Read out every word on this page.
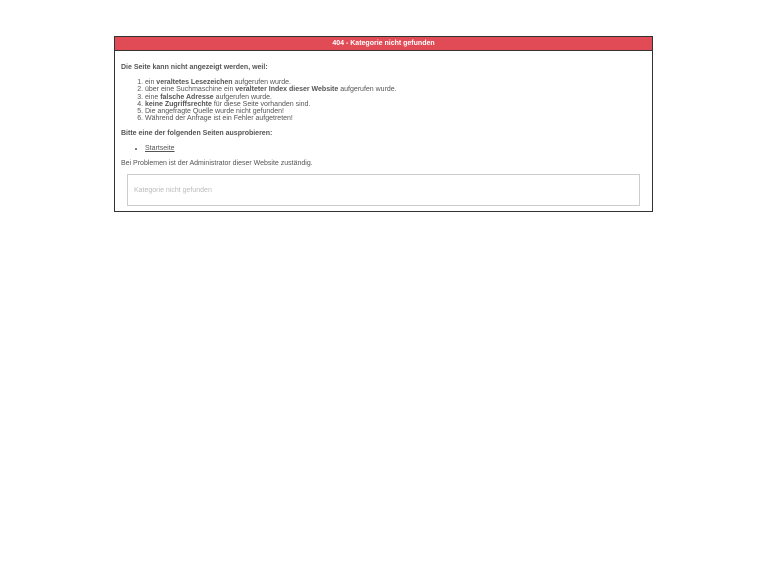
404 - Kategorie nicht gefunden

Die Seite kann nicht angezeigt werden, weil:

1. ein veraltetes Lesezeichen aufgerufen wurde.
2. über eine Suchmaschine ein veralteter Index dieser Website aufgerufen wurde.
3. eine falsche Adresse aufgerufen wurde.
4. keine Zugriffsrechte für diese Seite vorhanden sind.
5. Die angefragte Quelle wurde nicht gefunden!
6. Während der Anfrage ist ein Fehler aufgetreten!

Bitte eine der folgenden Seiten ausprobieren:

• Startseite

Bei Problemen ist der Administrator dieser Website zuständig.

Kategorie nicht gefunden
